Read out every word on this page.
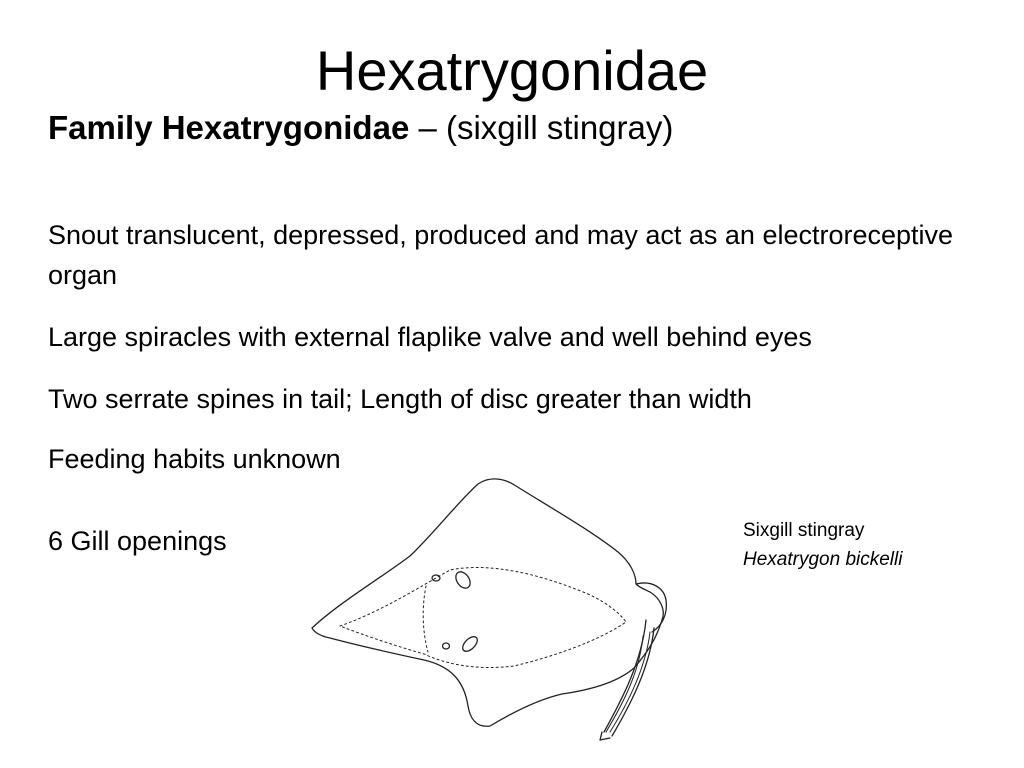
Hexatrygonidae
Family Hexatrygonidae – (sixgill stingray)

Snout translucent, depressed, produced and may act as an electroreceptive organ

Large spiracles with external flaplike valve and well behind eyes

Two serrate spines in tail; Length of disc greater than width

Feeding habits unknown

6 Gill openings	Sixgill stingray
Hexatrygon bickelli
